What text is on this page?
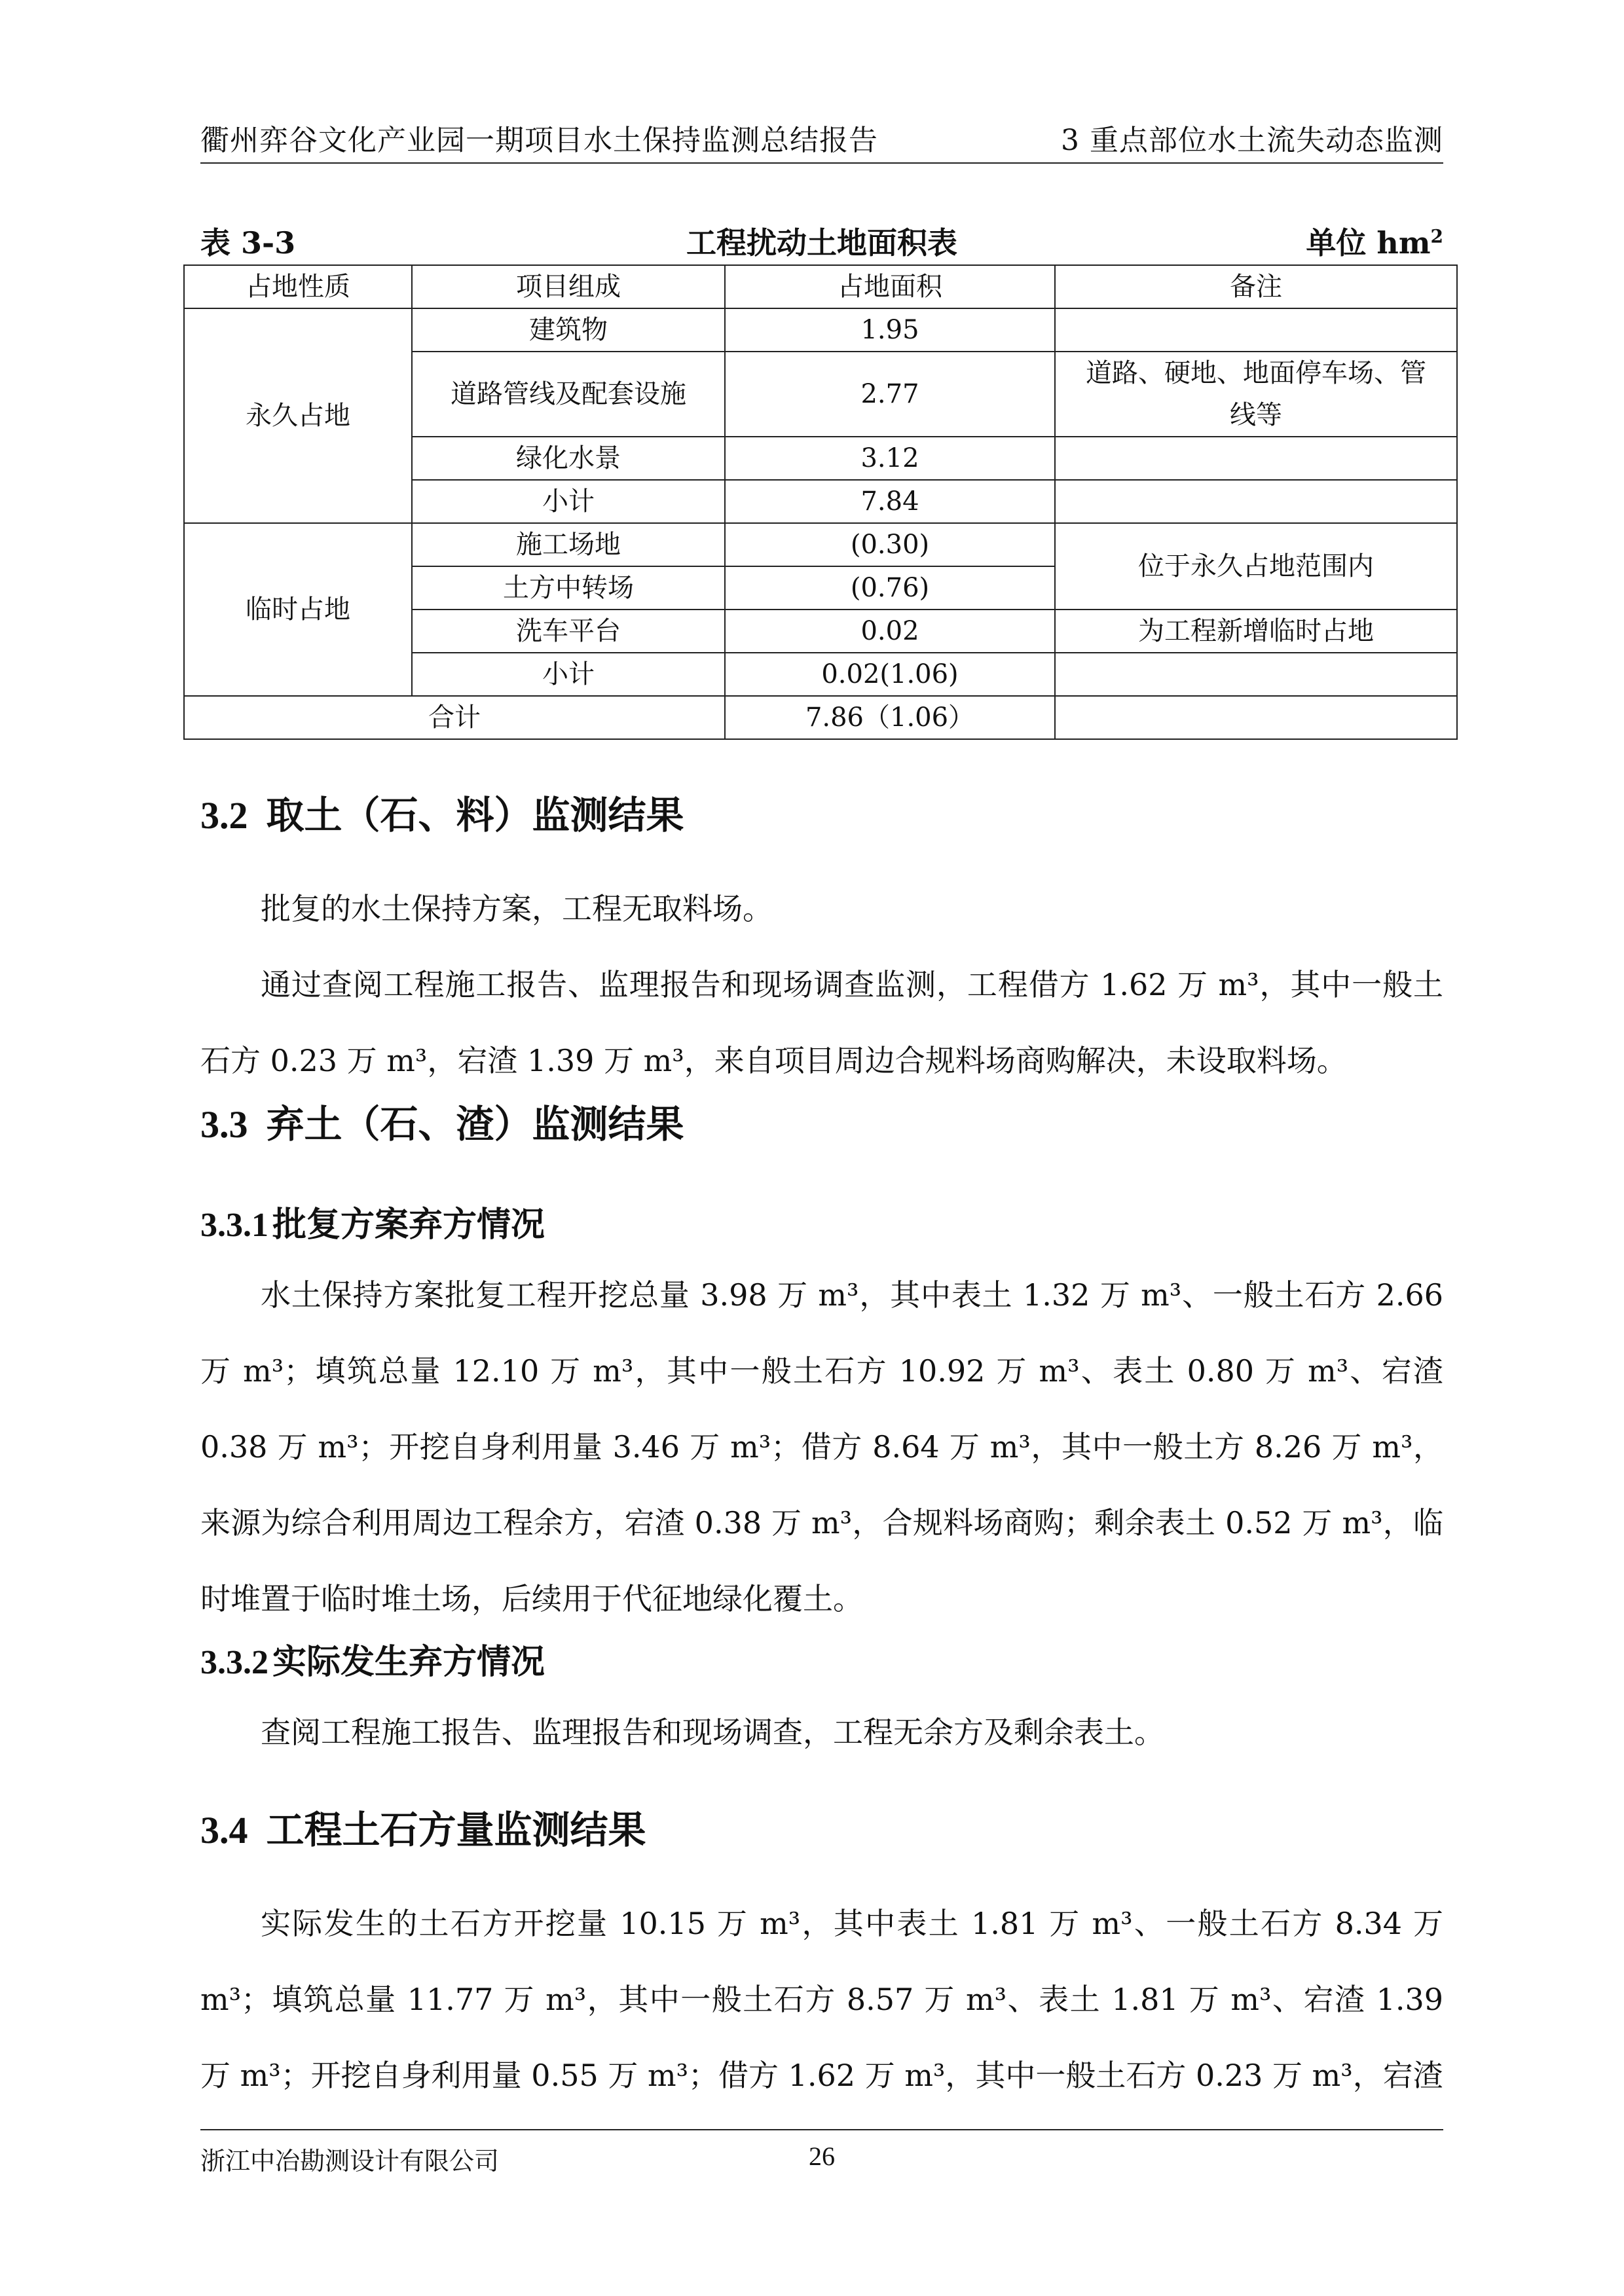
衢州弈谷文化产业园一期项目水土保持监测总结报告	3 重点部位水土流失动态监测
工程扰动土地面积表
表 3-3	单位 $hm^2$
占地性质	项目组成	占地面积	备注
永久占地	建筑物	1.95	
	道路管线及配套设施	2.77	道路、硬地、地面停车场、管
线等

	绿化水景	3.12	
	小计	7.84	
临时占地	施工场地	(0.30)	位于永久占地范围内
	土方中转场	(0.76)	
	洗车平台	0.02	为工程新增临时占地
	小计	0.02(1.06)	
合计		7.86（1.06）	
3.2 取土（石、料）监测结果

批复的水土保持方案，工程无取料场。

通过查阅工程施工报告、监理报告和现场调查监测，工程借方 1.62 万 m³，其中一般土石方 0.23 万 m³，宕渣 1.39 万 m³，来自项目周边合规料场商购解决，未设取料场。

3.3 弃土（石、渣）监测结果
3.3.1 批复方案弃方情况

水土保持方案批复工程开挖总量 3.98 万 m³，其中表土 1.32 万 m³、一般土石方 2.66 万 m³；填筑总量 12.10 万 m³，其中一般土石方 10.92 万 m³、表土 0.80 万 m³、宕渣 0.38 万 m³；开挖自身利用量 3.46 万 m³；借方 8.64 万 m³，其中一般土方 8.26 万 m³，来源为综合利用周边工程余方，宕渣 0.38 万 m³，合规料场商购；剩余表土 0.52 万 m³，临时堆置于临时堆土场，后续用于代征地绿化覆土。

3.3.2 实际发生弃方情况

查阅工程施工报告、监理报告和现场调查，工程无余方及剩余表土。

3.4 工程土石方量监测结果

实际发生的土石方开挖量 10.15 万 m³，其中表土 1.81 万 m³、一般土石方 8.34 万 m³；填筑总量 11.77 万 m³，其中一般土石方 8.57 万 m³、表土 1.81 万 m³、宕渣 1.39 万 m³；开挖自身利用量 0.55 万 m³；借方 1.62 万 m³，其中一般土石方 0.23 万 m³，宕渣

浙江中冶勘测设计有限公司	26
